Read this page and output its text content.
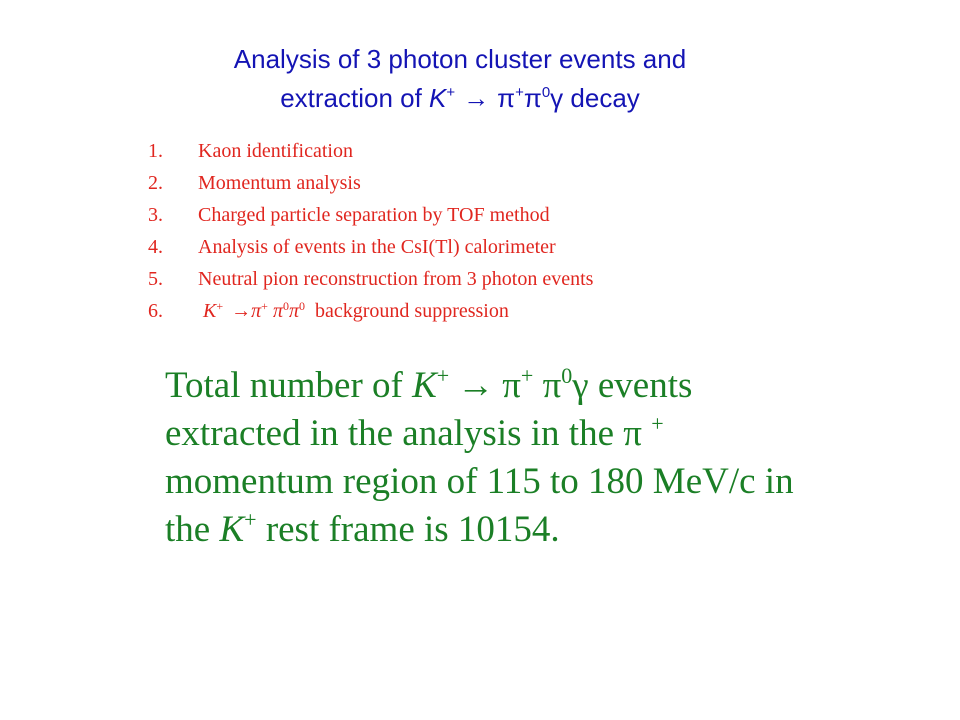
Analysis of 3 photon cluster events and
extraction of $K^+ \to \pi^+\pi^0\gamma$ decay
1.	Kaon identification
2.	Momentum analysis
3.	Charged particle separation by TOF method
4.	Analysis of events in the CsI(Tl) calorimeter
5.	Neutral pion reconstruction from 3 photon events
6.	K+ →π+ $\pi^0\pi^0$ background suppression
Total number of K+ → π+ $\pi^0\gamma$ events
extracted in the analysis in the π +
momentum region of 115 to 180 MeV/c in
the K+ rest frame is 10154.
